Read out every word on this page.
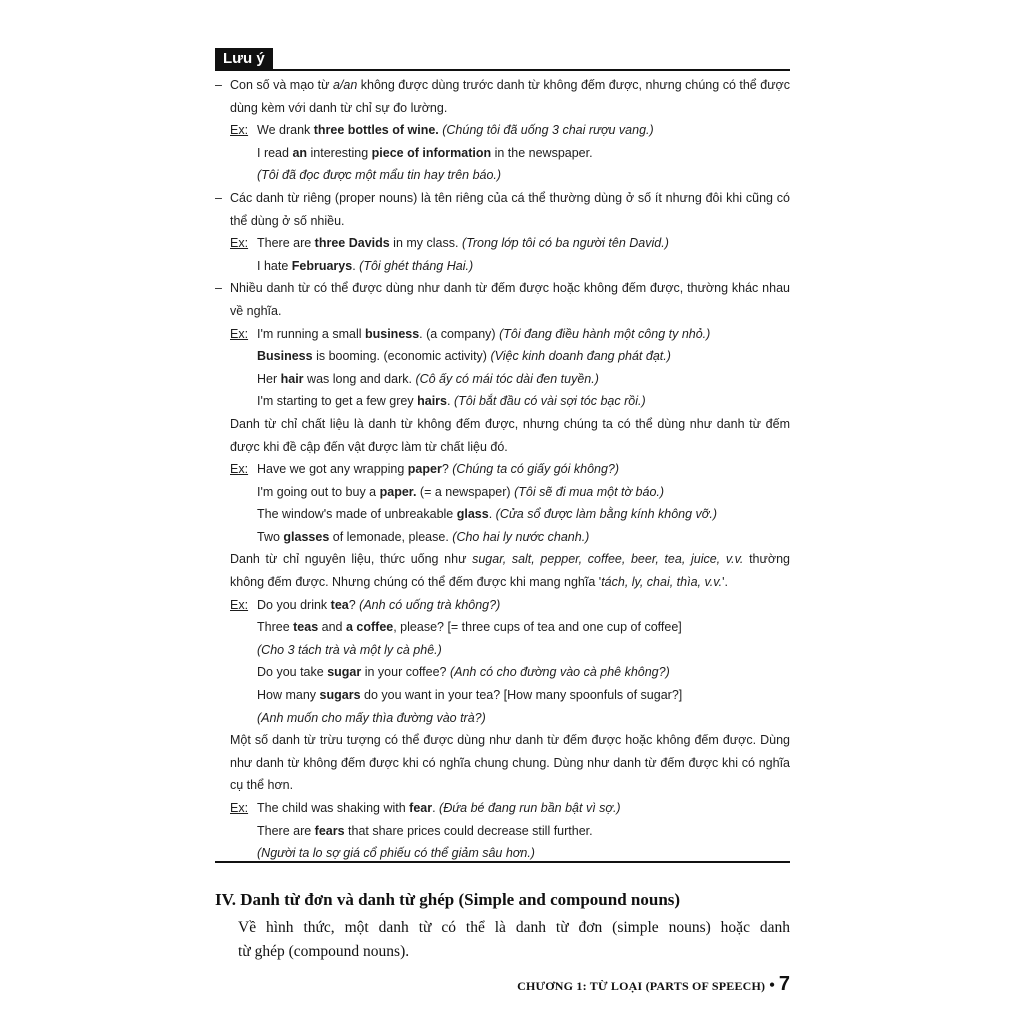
Lưu ý
– Con số và mạo từ a/an không được dùng trước danh từ không đếm được, nhưng chúng có thể được
dùng kèm với danh từ chỉ sự đo lường.
Ex: We drank three bottles of wine. (Chúng tôi đã uống 3 chai rượu vang.)
I read an interesting piece of information in the newspaper.
(Tôi đã đọc được một mẩu tin hay trên báo.)
– Các danh từ riêng (proper nouns) là tên riêng của cá thể thường dùng ở số ít nhưng đôi khi cũng có
thể dùng ở số nhiều.
Ex: There are three Davids in my class. (Trong lớp tôi có ba người tên David.)
I hate Februarys. (Tôi ghét tháng Hai.)
– Nhiều danh từ có thể được dùng như danh từ đếm được hoặc không đếm được, thường khác nhau
về nghĩa.
Ex: I'm running a small business. (a company) (Tôi đang điều hành một công ty nhỏ.)
Business is booming. (economic activity) (Việc kinh doanh đang phát đạt.)
Her hair was long and dark. (Cô ấy có mái tóc dài đen tuyền.)
I'm starting to get a few grey hairs. (Tôi bắt đầu có vài sợi tóc bạc rồi.)
Danh từ chỉ chất liệu là danh từ không đếm được, nhưng chúng ta có thể dùng như danh từ đếm
được khi đề cập đến vật được làm từ chất liệu đó.
Ex: Have we got any wrapping paper? (Chúng ta có giấy gói không?)
I'm going out to buy a paper. (= a newspaper) (Tôi sẽ đi mua một tờ báo.)
The window's made of unbreakable glass. (Cửa sổ được làm bằng kính không vỡ.)
Two glasses of lemonade, please. (Cho hai ly nước chanh.)
Danh từ chỉ nguyên liệu, thức uống như sugar, salt, pepper, coffee, beer, tea, juice, v.v. thường
không đếm được. Nhưng chúng có thể đếm được khi mang nghĩa 'tách, ly, chai, thìa, v.v.'.
Ex: Do you drink tea? (Anh có uống trà không?)
Three teas and a coffee, please? [= three cups of tea and one cup of coffee]
(Cho 3 tách trà và một ly cà phê.)
Do you take sugar in your coffee? (Anh có cho đường vào cà phê không?)
How many sugars do you want in your tea? [How many spoonfuls of sugar?]
(Anh muốn cho mấy thìa đường vào trà?)
Một số danh từ trừu tượng có thể được dùng như danh từ đếm được hoặc không đếm được. Dùng
như danh từ không đếm được khi có nghĩa chung chung. Dùng như danh từ đếm được khi có nghĩa
cụ thể hơn.
Ex: The child was shaking with fear. (Đứa bé đang run bần bật vì sợ.)
There are fears that share prices could decrease still further.
(Người ta lo sợ giá cổ phiếu có thể giảm sâu hơn.)
IV. Danh từ đơn và danh từ ghép (Simple and compound nouns)
Về hình thức, một danh từ có thể là danh từ đơn (simple nouns) hoặc danh
từ ghép (compound nouns).
CHƯƠNG 1: TỪ LOẠI (PARTS OF SPEECH) • 7
